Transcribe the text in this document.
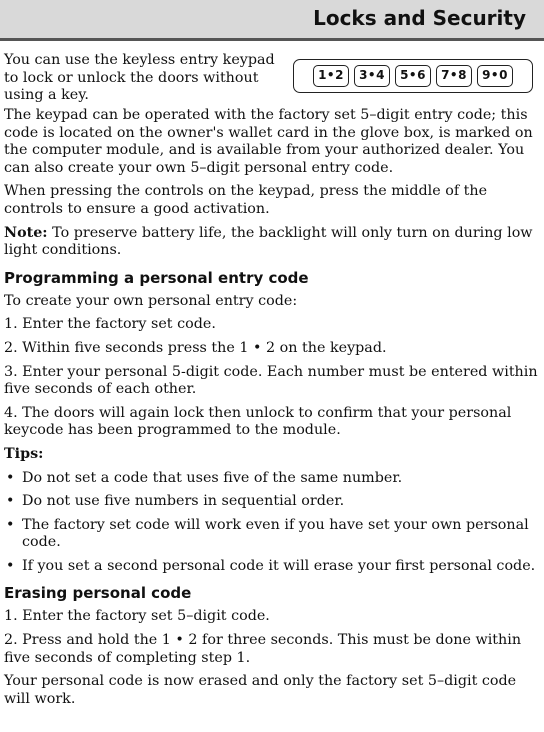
Locks and Security
You can use the keyless entry keypad to lock or unlock the doors without using a key.
1•2	3•4	5•6	7•8	9•0

The keypad can be operated with the factory set 5–digit entry code; this code is located on the owner's wallet card in the glove box, is marked on the computer module, and is available from your authorized dealer. You can also create your own 5–digit personal entry code.

When pressing the controls on the keypad, press the middle of the controls to ensure a good activation.

Note: To preserve battery life, the backlight will only turn on during low light conditions.

Programming a personal entry code

To create your own personal entry code:

1. Enter the factory set code.

2. Within five seconds press the 1 • 2 on the keypad.

3. Enter your personal 5-digit code. Each number must be entered within five seconds of each other.

4. The doors will again lock then unlock to confirm that your personal keycode has been programmed to the module.

Tips:
• Do not set a code that uses five of the same number.
• Do not use five numbers in sequential order.
• The factory set code will work even if you have set your own personal code.
• If you set a second personal code it will erase your first personal code.
Erasing personal code

1. Enter the factory set 5–digit code.

2. Press and hold the 1 • 2 for three seconds. This must be done within five seconds of completing step 1.

Your personal code is now erased and only the factory set 5–digit code will work.
